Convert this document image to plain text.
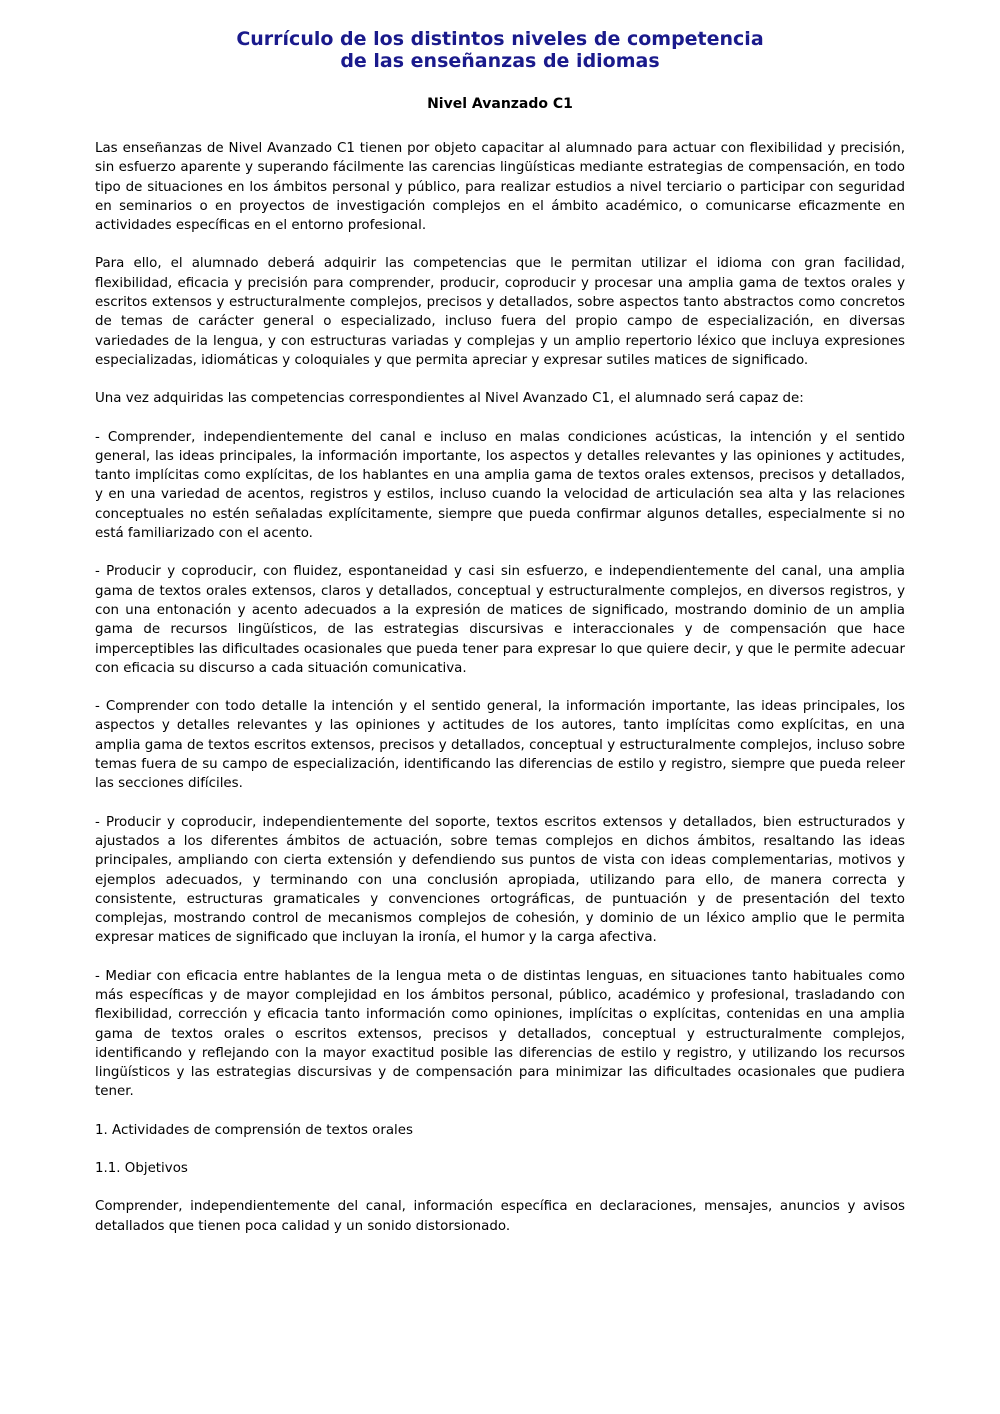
Currículo de los distintos niveles de competencia
de las enseñanzas de idiomas
Nivel Avanzado C1

Las enseñanzas de Nivel Avanzado C1 tienen por objeto capacitar al alumnado para actuar con flexibilidad y precisión, sin esfuerzo aparente y superando fácilmente las carencias lingüísticas mediante estrategias de compensación, en todo tipo de situaciones en los ámbitos personal y público, para realizar estudios a nivel terciario o participar con seguridad en seminarios o en proyectos de investigación complejos en el ámbito académico, o comunicarse eficazmente en actividades específicas en el entorno profesional.

Para ello, el alumnado deberá adquirir las competencias que le permitan utilizar el idioma con gran facilidad, flexibilidad, eficacia y precisión para comprender, producir, coproducir y procesar una amplia gama de textos orales y escritos extensos y estructuralmente complejos, precisos y detallados, sobre aspectos tanto abstractos como concretos de temas de carácter general o especializado, incluso fuera del propio campo de especialización, en diversas variedades de la lengua, y con estructuras variadas y complejas y un amplio repertorio léxico que incluya expresiones especializadas, idiomáticas y coloquiales y que permita apreciar y expresar sutiles matices de significado.

Una vez adquiridas las competencias correspondientes al Nivel Avanzado C1, el alumnado será capaz de:

- Comprender, independientemente del canal e incluso en malas condiciones acústicas, la intención y el sentido general, las ideas principales, la información importante, los aspectos y detalles relevantes y las opiniones y actitudes, tanto implícitas como explícitas, de los hablantes en una amplia gama de textos orales extensos, precisos y detallados, y en una variedad de acentos, registros y estilos, incluso cuando la velocidad de articulación sea alta y las relaciones conceptuales no estén señaladas explícitamente, siempre que pueda confirmar algunos detalles, especialmente si no está familiarizado con el acento.

- Producir y coproducir, con fluidez, espontaneidad y casi sin esfuerzo, e independientemente del canal, una amplia gama de textos orales extensos, claros y detallados, conceptual y estructuralmente complejos, en diversos registros, y con una entonación y acento adecuados a la expresión de matices de significado, mostrando dominio de un amplia gama de recursos lingüísticos, de las estrategias discursivas e interaccionales y de compensación que hace imperceptibles las dificultades ocasionales que pueda tener para expresar lo que quiere decir, y que le permite adecuar con eficacia su discurso a cada situación comunicativa.

- Comprender con todo detalle la intención y el sentido general, la información importante, las ideas principales, los aspectos y detalles relevantes y las opiniones y actitudes de los autores, tanto implícitas como explícitas, en una amplia gama de textos escritos extensos, precisos y detallados, conceptual y estructuralmente complejos, incluso sobre temas fuera de su campo de especialización, identificando las diferencias de estilo y registro, siempre que pueda releer las secciones difíciles.

- Producir y coproducir, independientemente del soporte, textos escritos extensos y detallados, bien estructurados y ajustados a los diferentes ámbitos de actuación, sobre temas complejos en dichos ámbitos, resaltando las ideas principales, ampliando con cierta extensión y defendiendo sus puntos de vista con ideas complementarias, motivos y ejemplos adecuados, y terminando con una conclusión apropiada, utilizando para ello, de manera correcta y consistente, estructuras gramaticales y convenciones ortográficas, de puntuación y de presentación del texto complejas, mostrando control de mecanismos complejos de cohesión, y dominio de un léxico amplio que le permita expresar matices de significado que incluyan la ironía, el humor y la carga afectiva.

- Mediar con eficacia entre hablantes de la lengua meta o de distintas lenguas, en situaciones tanto habituales como más específicas y de mayor complejidad en los ámbitos personal, público, académico y profesional, trasladando con flexibilidad, corrección y eficacia tanto información como opiniones, implícitas o explícitas, contenidas en una amplia gama de textos orales o escritos extensos, precisos y detallados, conceptual y estructuralmente complejos, identificando y reflejando con la mayor exactitud posible las diferencias de estilo y registro, y utilizando los recursos lingüísticos y las estrategias discursivas y de compensación para minimizar las dificultades ocasionales que pudiera tener.

1. Actividades de comprensión de textos orales

1.1. Objetivos

Comprender, independientemente del canal, información específica en declaraciones, mensajes, anuncios y avisos detallados que tienen poca calidad y un sonido distorsionado.
